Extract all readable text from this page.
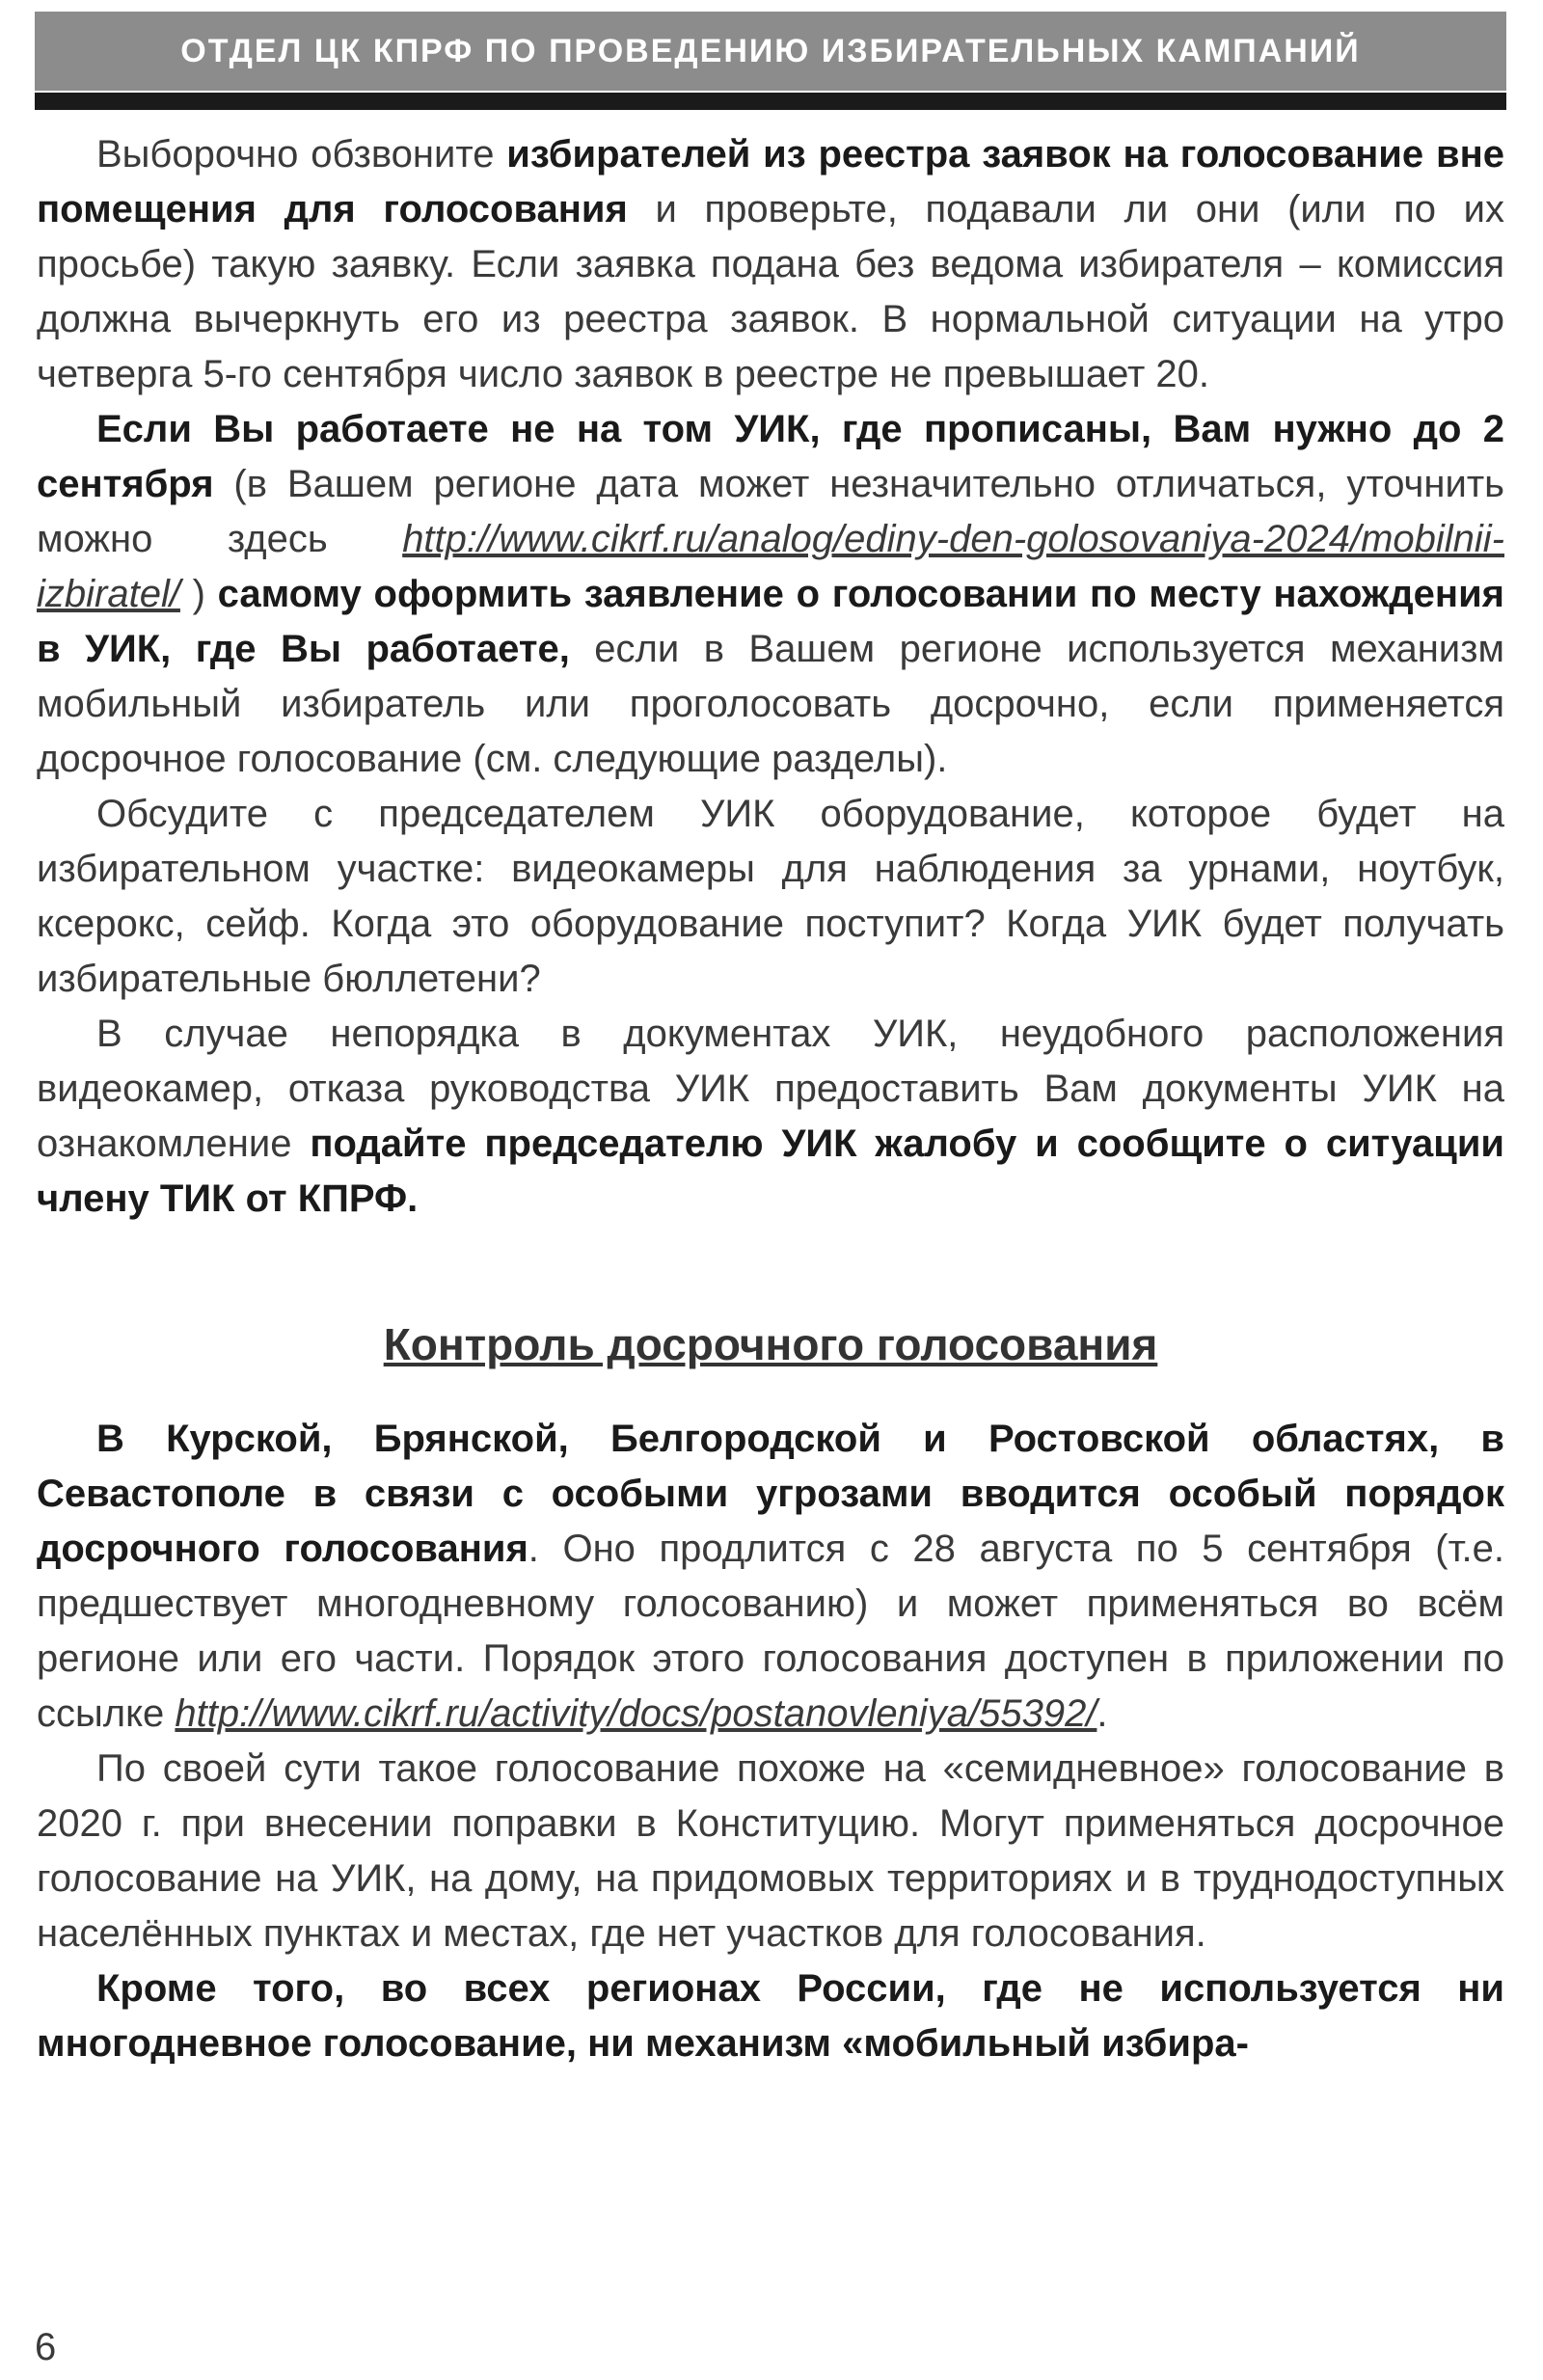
ОТДЕЛ ЦК КПРФ ПО ПРОВЕДЕНИЮ ИЗБИРАТЕЛЬНЫХ КАМПАНИЙ

Выборочно обзвоните избирателей из реестра заявок на голосование вне помещения для голосования и проверьте, подавали ли они (или по их просьбе) такую заявку. Если заявка подана без ведома избирателя – комиссия должна вычеркнуть его из реестра заявок. В нормальной ситуации на утро четверга 5-го сентября число заявок в реестре не превышает 20.

Если Вы работаете не на том УИК, где прописаны, Вам нужно до 2 сентября (в Вашем регионе дата может незначительно отличаться, уточнить можно здесь http://www.cikrf.ru/analog/ediny-den-golosovaniya-2024/mobilnii-izbiratel/ ) самому оформить заявление о голосовании по месту нахождения в УИК, где Вы работаете, если в Вашем регионе используется механизм мобильный избиратель или проголосовать досрочно, если применяется досрочное голосование (см. следующие разделы).

Обсудите с председателем УИК оборудование, которое будет на избирательном участке: видеокамеры для наблюдения за урнами, ноутбук, ксерокс, сейф. Когда это оборудование поступит? Когда УИК будет получать избирательные бюллетени?

В случае непорядка в документах УИК, неудобного расположения видеокамер, отказа руководства УИК предоставить Вам документы УИК на ознакомление подайте председателю УИК жалобу и сообщите о ситуации члену ТИК от КПРФ.

Контроль досрочного голосования

В Курской, Брянской, Белгородской и Ростовской областях, в Севастополе в связи с особыми угрозами вводится особый порядок досрочного голосования. Оно продлится с 28 августа по 5 сентября (т.е. предшествует многодневному голосованию) и может применяться во всём регионе или его части. Порядок этого голосования доступен в приложении по ссылке http://www.cikrf.ru/activity/docs/postanovleniya/55392/.

По своей сути такое голосование похоже на «семидневное» голосование в 2020 г. при внесении поправки в Конституцию. Могут применяться досрочное голосование на УИК, на дому, на придомовых территориях и в труднодоступных населённых пунктах и местах, где нет участков для голосования.

Кроме того, во всех регионах России, где не используется ни многодневное голосование, ни механизм «мобильный избира-

6
